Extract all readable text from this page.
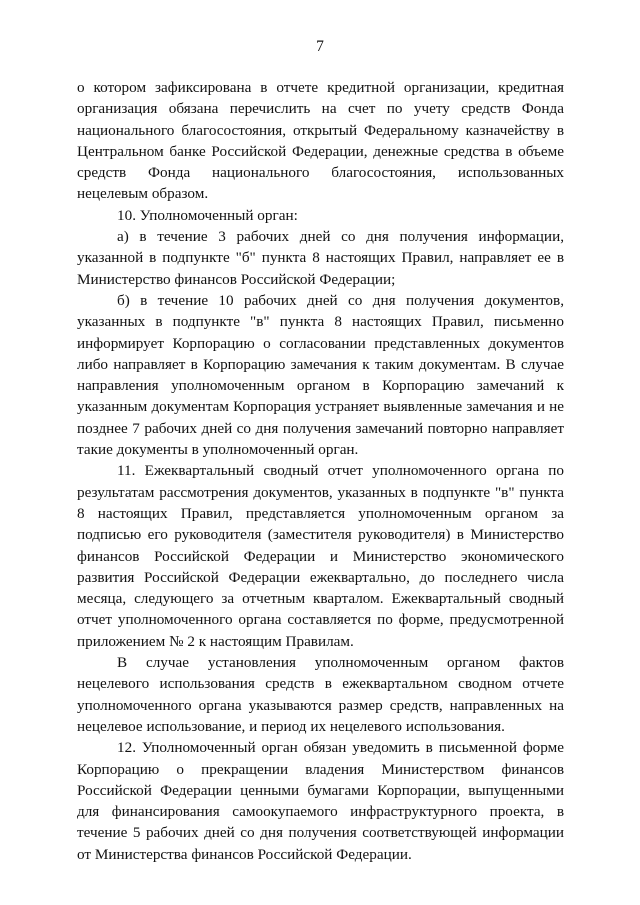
7

о котором зафиксирована в отчете кредитной организации, кредитная организация обязана перечислить на счет по учету средств Фонда национального благосостояния, открытый Федеральному казначейству в Центральном банке Российской Федерации, денежные средства в объеме средств Фонда национального благосостояния, использованных нецелевым образом.

10. Уполномоченный орган:

а) в течение 3 рабочих дней со дня получения информации, указанной в подпункте "б" пункта 8 настоящих Правил, направляет ее в Министерство финансов Российской Федерации;

б) в течение 10 рабочих дней со дня получения документов, указанных в подпункте "в" пункта 8 настоящих Правил, письменно информирует Корпорацию о согласовании представленных документов либо направляет в Корпорацию замечания к таким документам. В случае направления уполномоченным органом в Корпорацию замечаний к указанным документам Корпорация устраняет выявленные замечания и не позднее 7 рабочих дней со дня получения замечаний повторно направляет такие документы в уполномоченный орган.

11. Ежеквартальный сводный отчет уполномоченного органа по результатам рассмотрения документов, указанных в подпункте "в" пункта 8 настоящих Правил, представляется уполномоченным органом за подписью его руководителя (заместителя руководителя) в Министерство финансов Российской Федерации и Министерство экономического развития Российской Федерации ежеквартально, до последнего числа месяца, следующего за отчетным кварталом. Ежеквартальный сводный отчет уполномоченного органа составляется по форме, предусмотренной приложением № 2 к настоящим Правилам.

В случае установления уполномоченным органом фактов нецелевого использования средств в ежеквартальном сводном отчете уполномоченного органа указываются размер средств, направленных на нецелевое использование, и период их нецелевого использования.

12. Уполномоченный орган обязан уведомить в письменной форме Корпорацию о прекращении владения Министерством финансов Российской Федерации ценными бумагами Корпорации, выпущенными для финансирования самоокупаемого инфраструктурного проекта, в течение 5 рабочих дней со дня получения соответствующей информации от Министерства финансов Российской Федерации.
